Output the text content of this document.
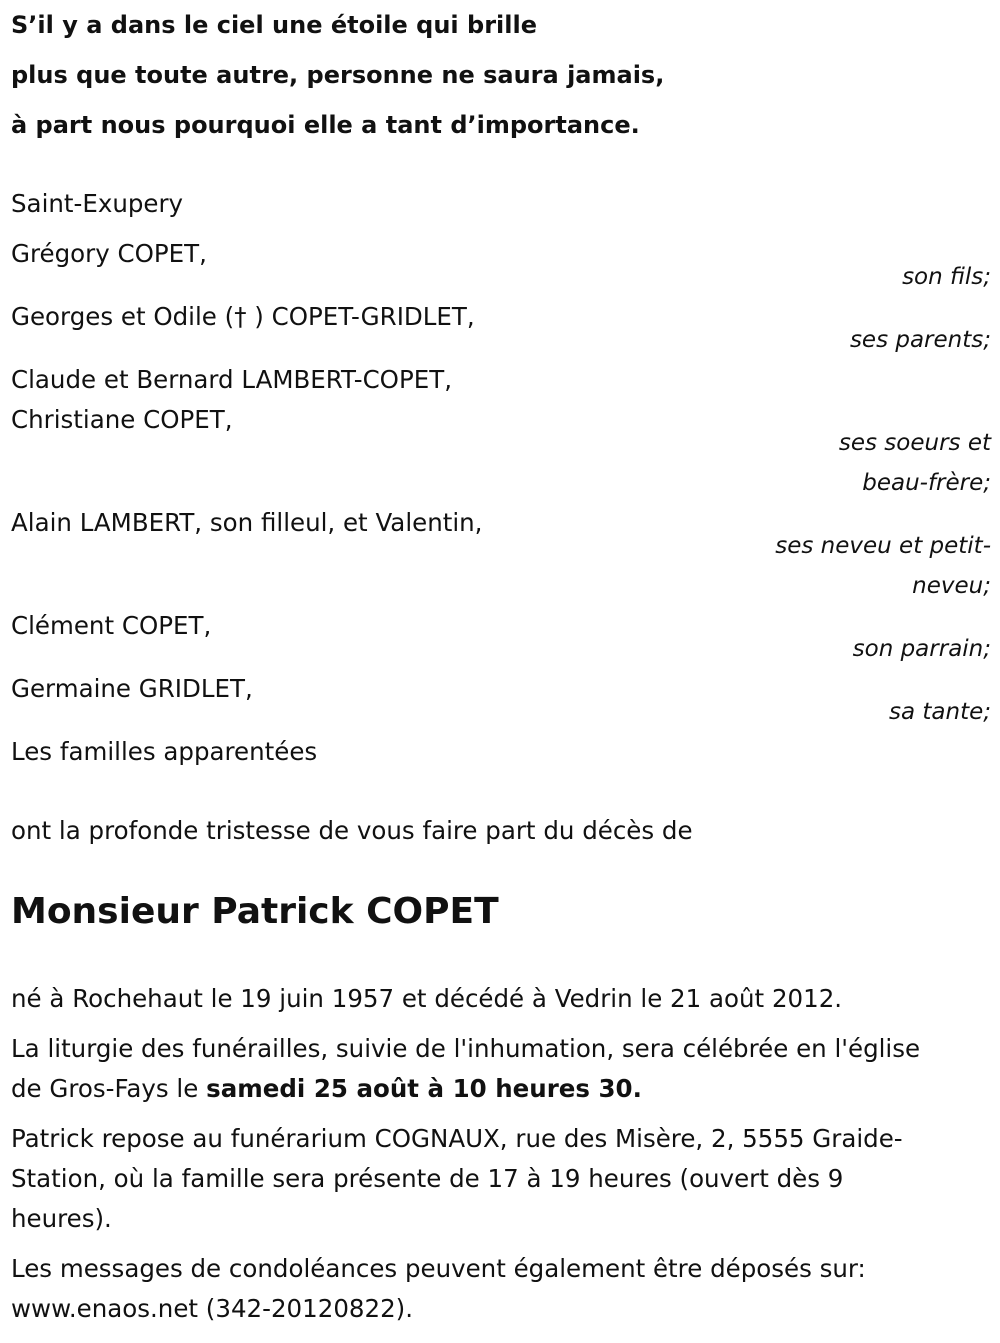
S’il y a dans le ciel une étoile qui brille
plus que toute autre, personne ne saura jamais,
à part nous pourquoi elle a tant d’importance.
Saint-Exupery
Grégory COPET,
son fils;
Georges et Odile († ) COPET-GRIDLET,
ses parents;
Claude et Bernard LAMBERT-COPET,
Christiane COPET,
ses soeurs et
beau-frère;
Alain LAMBERT, son filleul, et Valentin,
ses neveu et petit-
neveu;
Clément COPET,
son parrain;
Germaine GRIDLET,
sa tante;
Les familles apparentées
ont la profonde tristesse de vous faire part du décès de
Monsieur Patrick COPET
né à Rochehaut le 19 juin 1957 et décédé à Vedrin le 21 août 2012.
La liturgie des funérailles, suivie de l'inhumation, sera célébrée en l'église
de Gros-Fays le samedi 25 août à 10 heures 30.
Patrick repose au funérarium COGNAUX, rue des Misère, 2, 5555 Graide-
Station, où la famille sera présente de 17 à 19 heures (ouvert dès 9
heures).
Les messages de condoléances peuvent également être déposés sur:
www.enaos.net (342-20120822).
